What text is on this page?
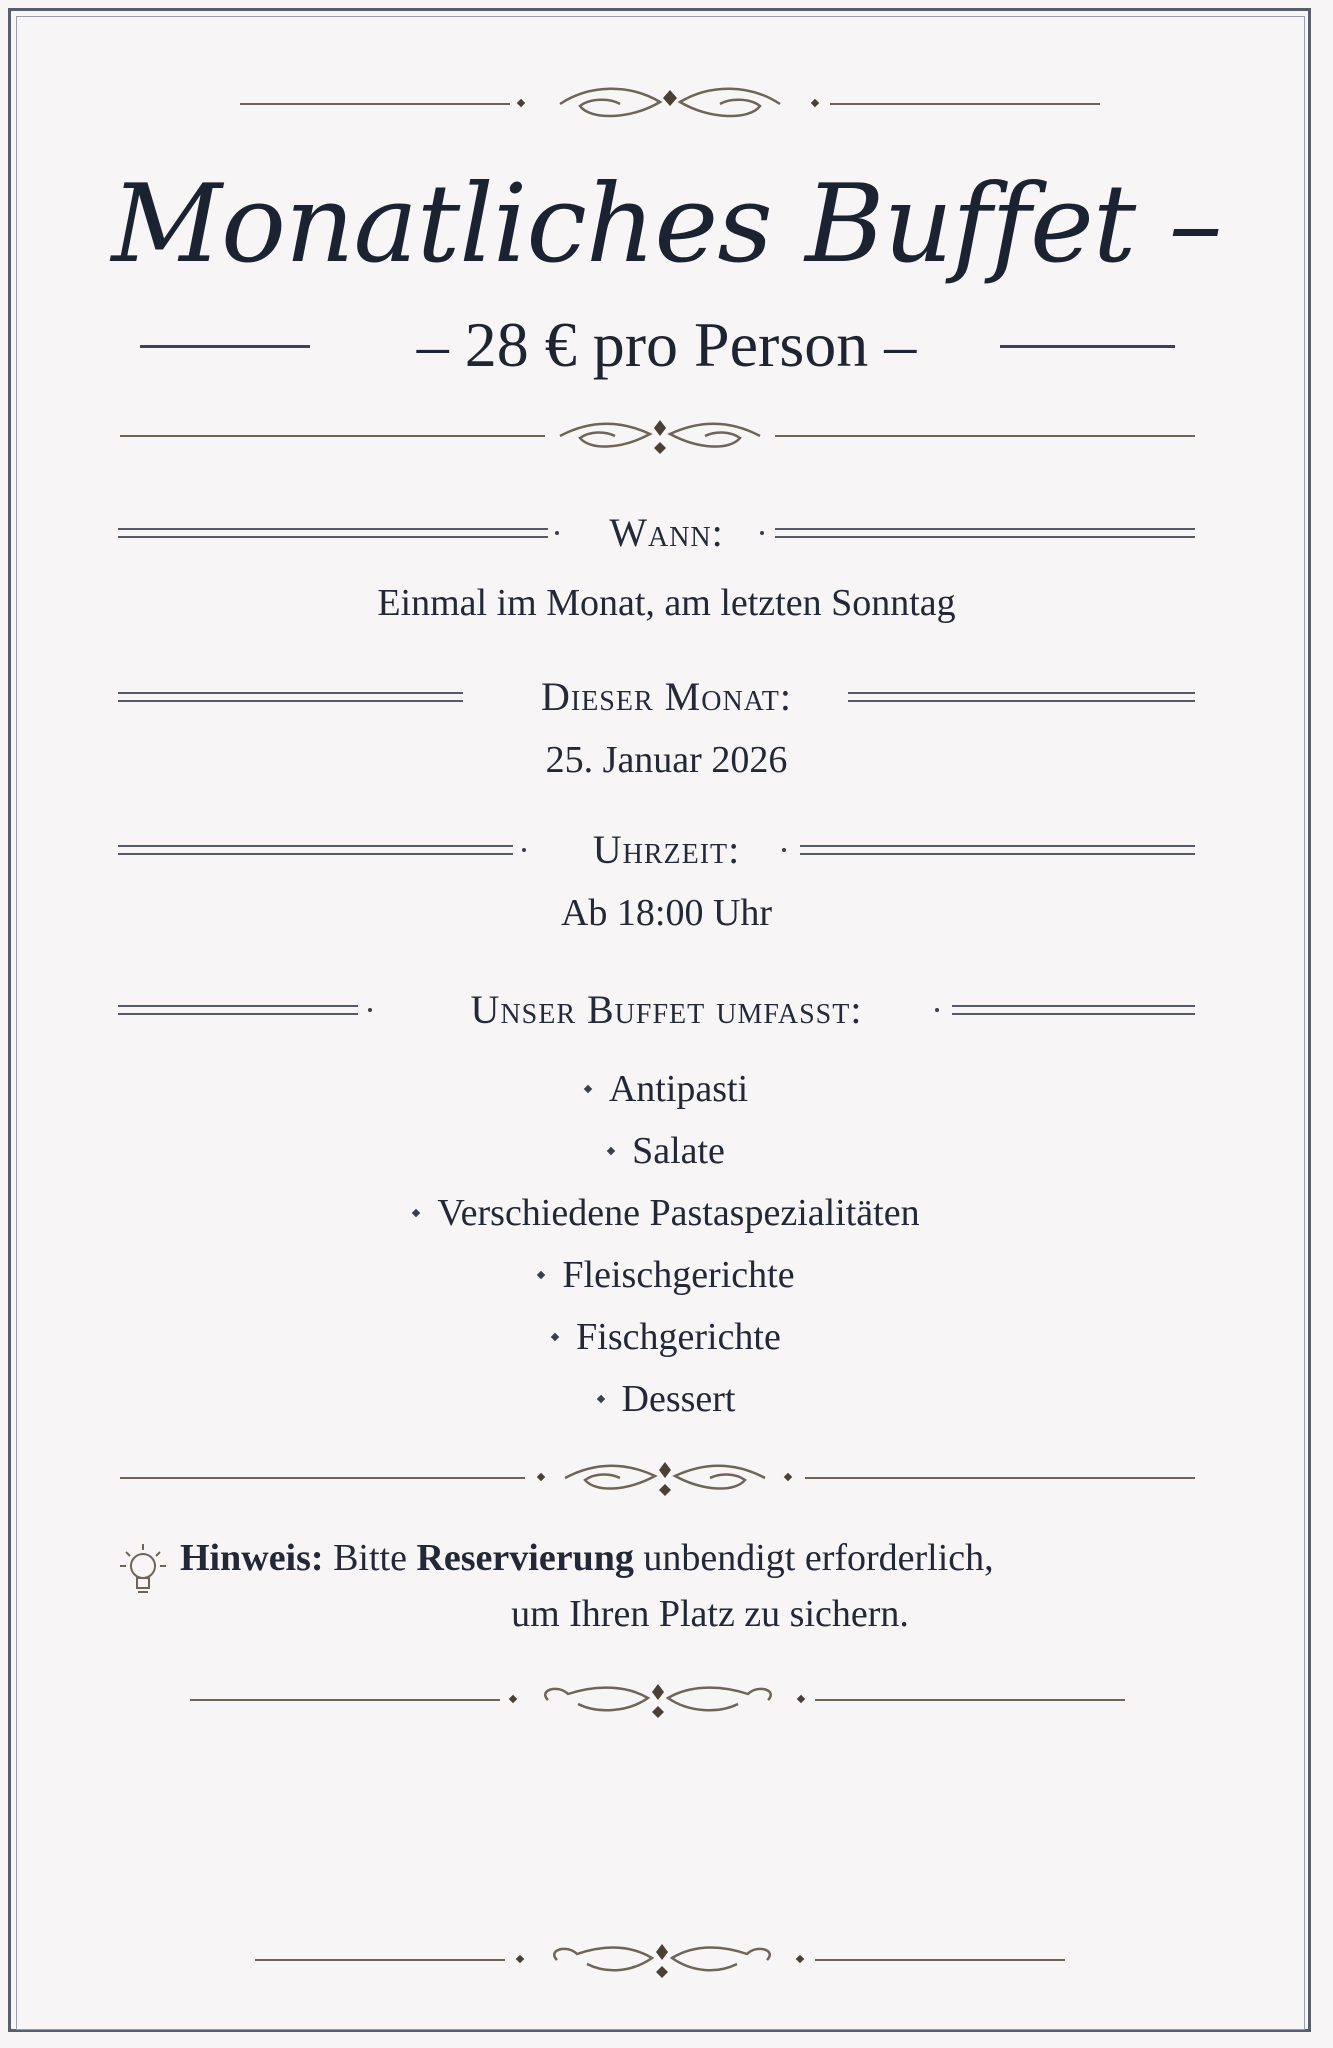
Monatliches Buffet –
– 28 € pro Person –
Wann:
Einmal im Monat, am letzten Sonntag
Dieser Monat:
25. Januar 2026
Uhrzeit:
Ab 18:00 Uhr
Unser Buffet umfasst:
Antipasti
Salate
Verschiedene Pastaspezialitäten
Fleischgerichte
Fischgerichte
Dessert
Hinweis: Bitte Reservierung unbendigt erforderlich,
um Ihren Platz zu sichern.
